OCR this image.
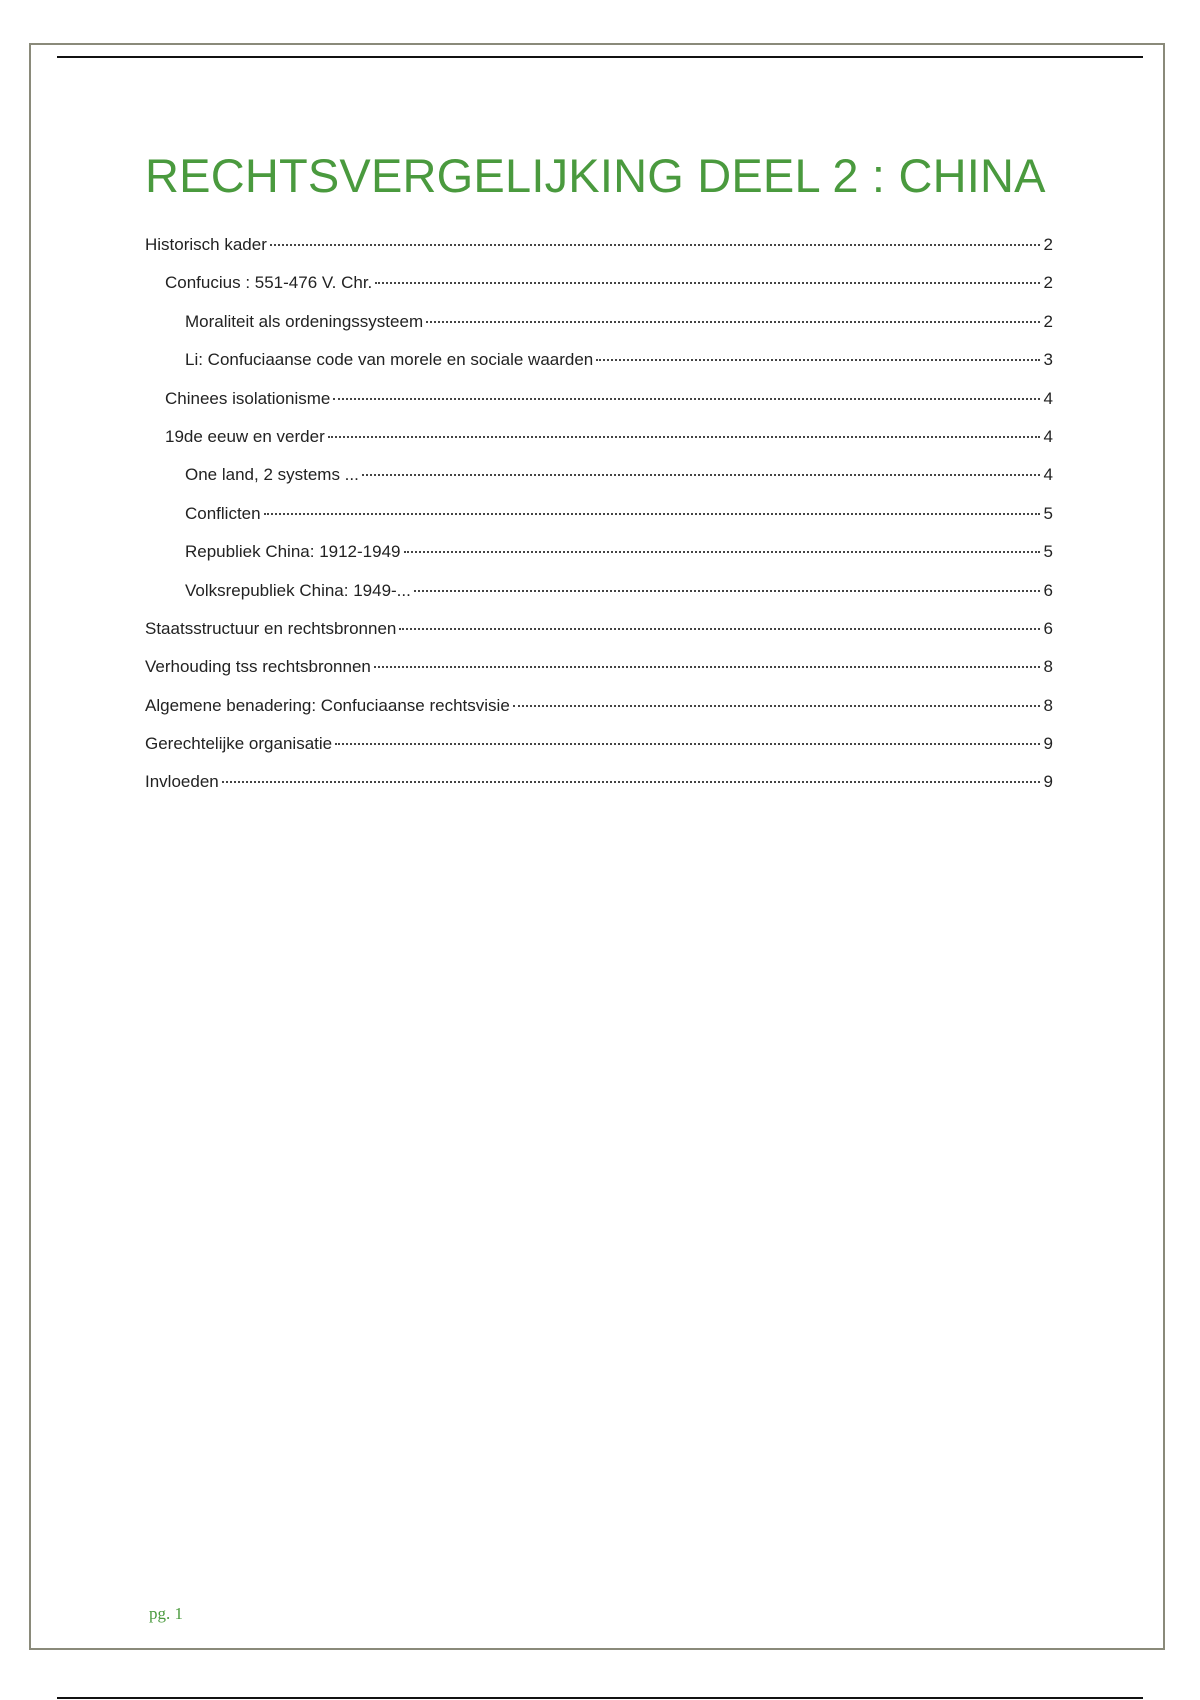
RECHTSVERGELIJKING DEEL 2 : CHINA
Historisch kader	2
Confucius : 551-476 V. Chr.	2
Moraliteit als ordeningssysteem	2
Li: Confuciaanse code van morele en sociale waarden	3
Chinees isolationisme	4
19de eeuw en verder	4
One land, 2 systems ...	4
Conflicten	5
Republiek China: 1912-1949	5
Volksrepubliek China: 1949-...	6
Staatsstructuur en rechtsbronnen	6
Verhouding tss rechtsbronnen	8
Algemene benadering: Confuciaanse rechtsvisie	8
Gerechtelijke organisatie	9
Invloeden	9
pg. 1
